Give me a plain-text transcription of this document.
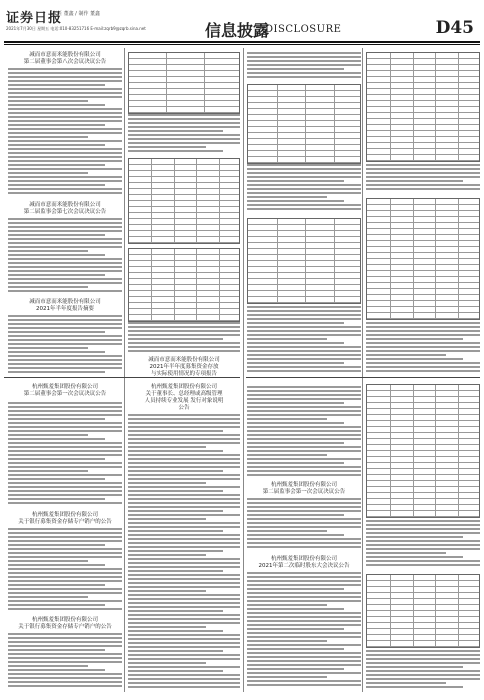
证券日报
责任 董鑫 / 制作 董鑫
2021年7月30日 星期五 电话:010-83251716 E-mail:zqrb9@zqrb.sina.net	信息披露
DISCLOSURE	D45
减而市意而米能股份有限公司
第二届董事会第八次会议决议公告
减而市意而米能股份有限公司
第二届监事会第七次会议决议公告
减而市意而米能股份有限公司
2021年半年度报告摘要
减而市意而米能股份有限公司
2021年半年度募集资金存放
与实际使用情况的专项报告
杭州甄羞集团股份有限公司
第二届董事会第一次会议决议公告
杭州甄羞集团股份有限公司
关于董事长、总经理或高级管理
人员持续专业发展 发行对象说明
公告
杭州甄羞集团股份有限公司
第二届监事会第一次会议决议公告
杭州甄羞集团股份有限公司
关于银行募集资金存储专户销户的公告
杭州甄羞集团股份有限公司
关于银行募集资金存储专户销户的公告
杭州甄羞集团股份有限公司
2021年第二次临时股东大会决议公告
